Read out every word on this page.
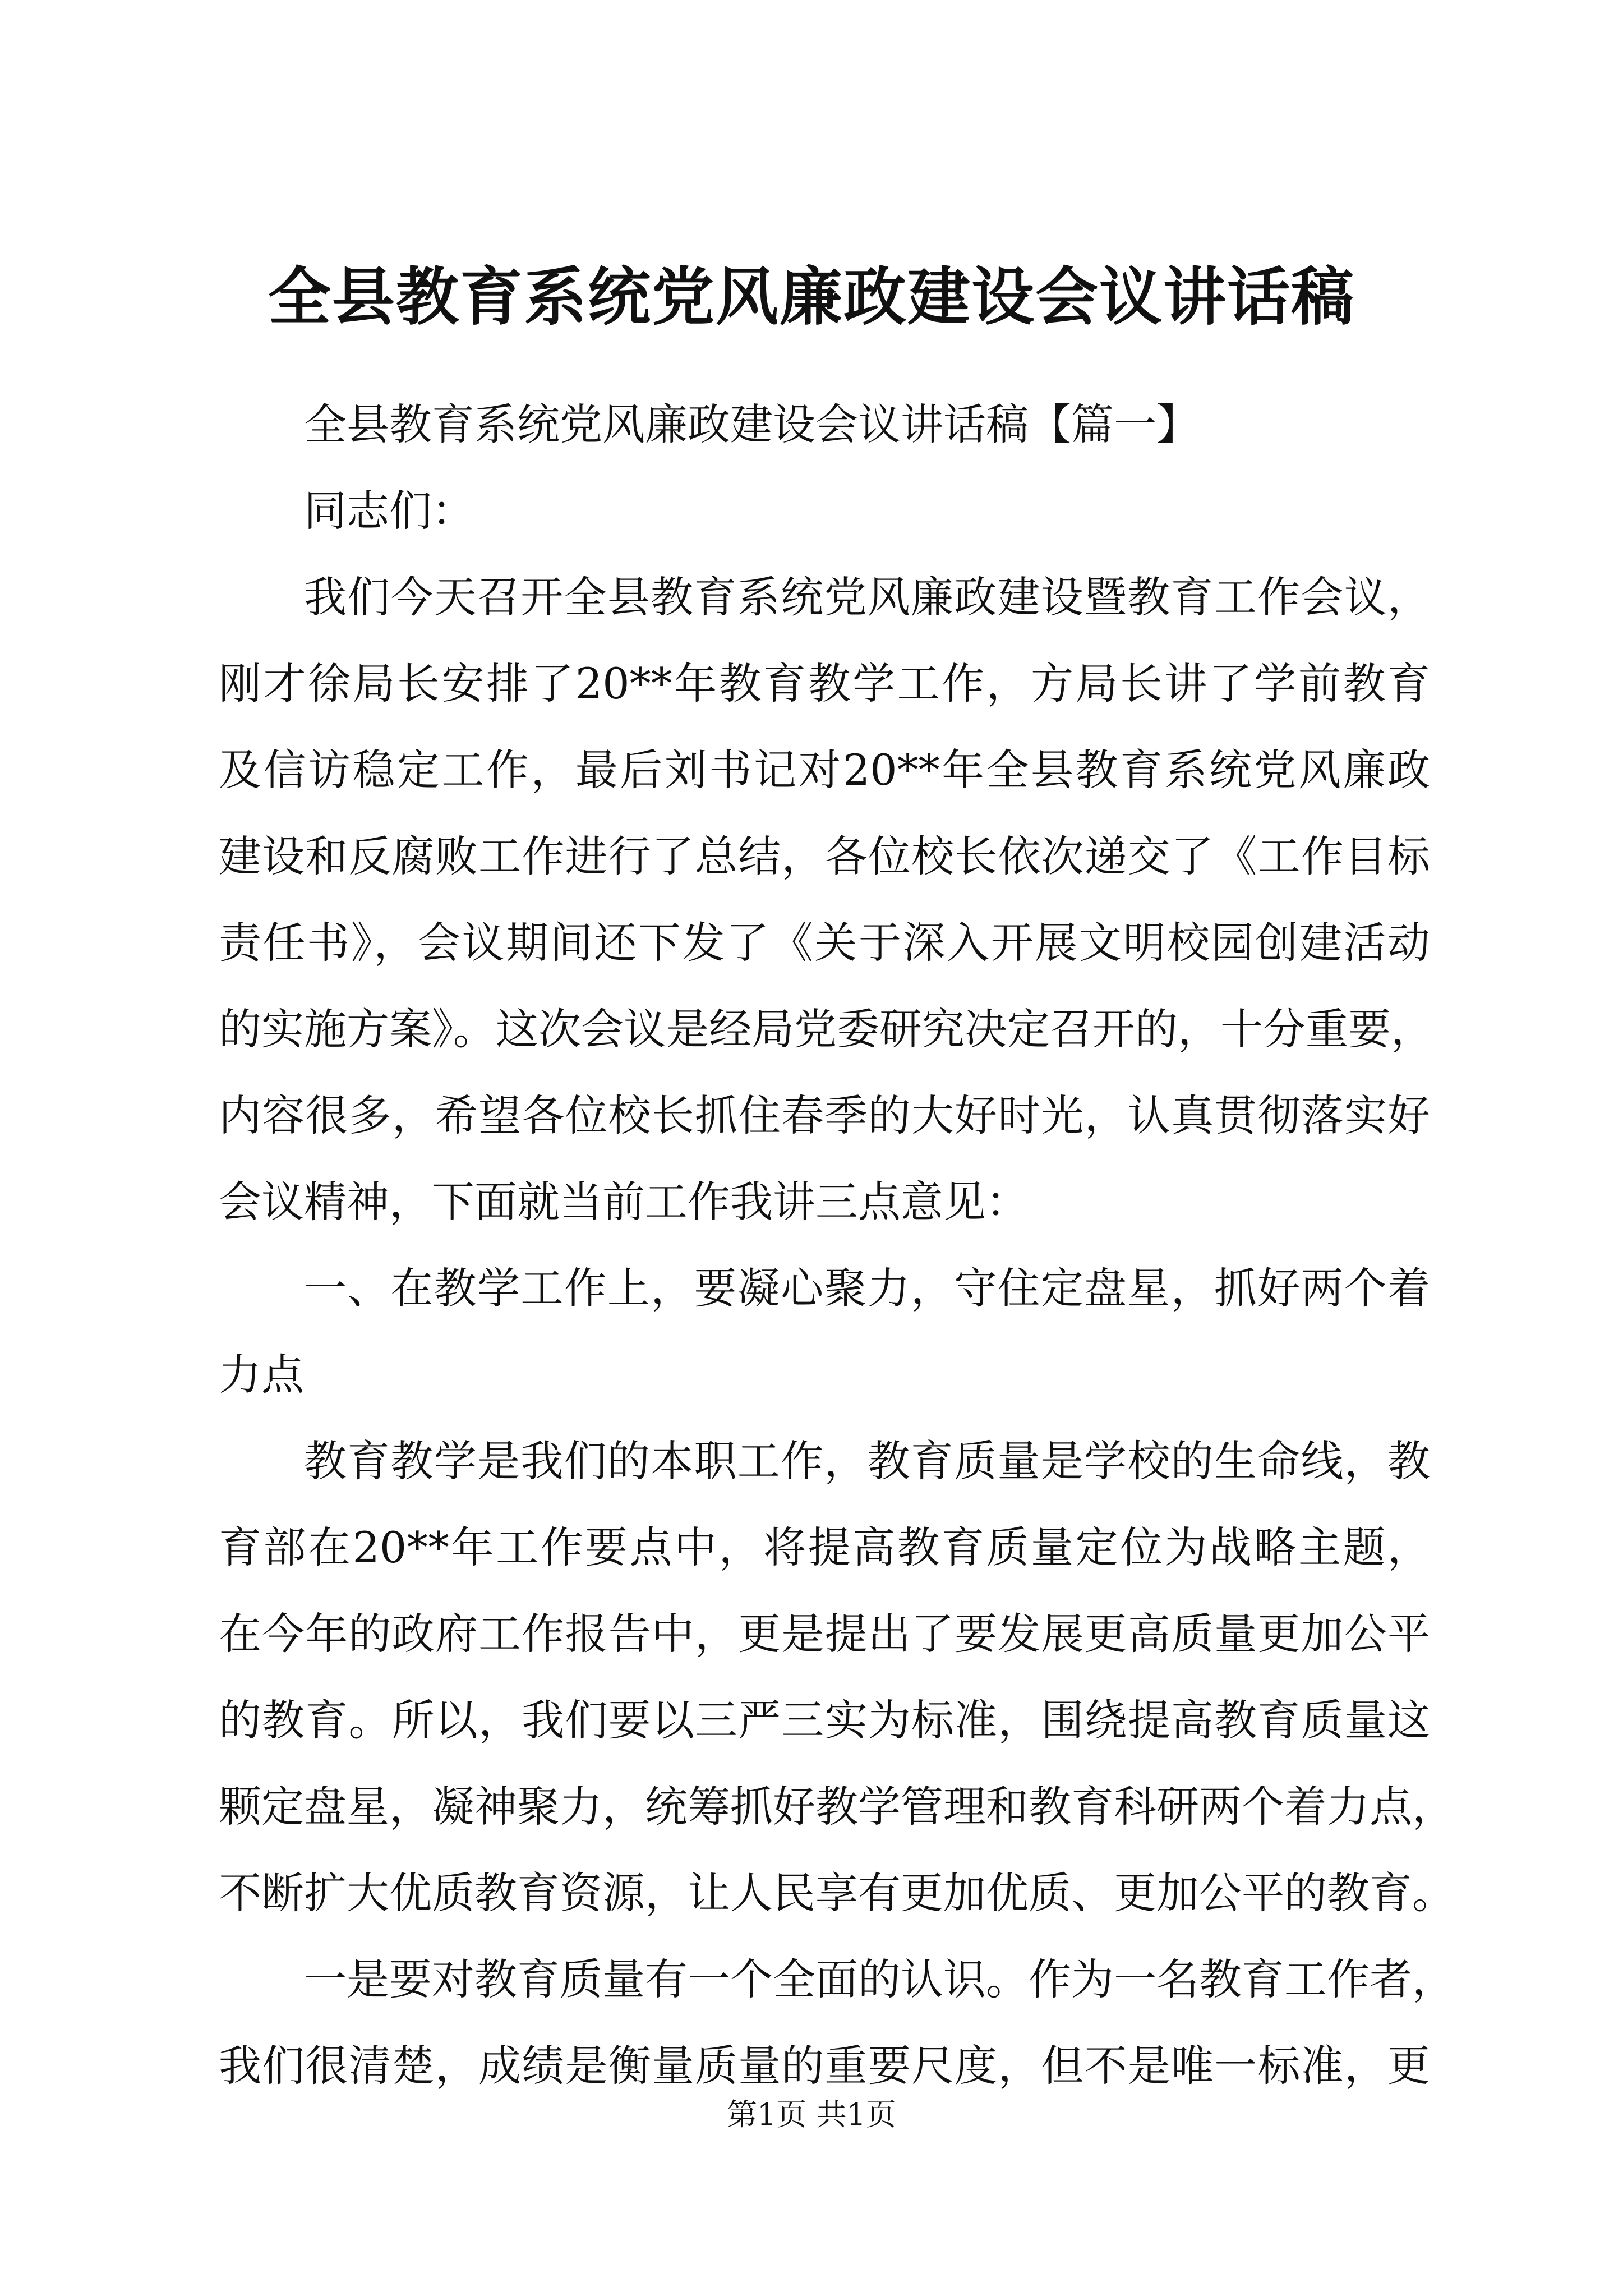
全县教育系统党风廉政建设会议讲话稿
全县教育系统党风廉政建设会议讲话稿【篇一】
同志们：
我们今天召开全县教育系统党风廉政建设暨教育工作会议，
刚才徐局长安排了20**年教育教学工作，方局长讲了学前教育
及信访稳定工作，最后刘书记对20**年全县教育系统党风廉政
建设和反腐败工作进行了总结，各位校长依次递交了《工作目标
责任书》，会议期间还下发了《关于深入开展文明校园创建活动
的实施方案》。这次会议是经局党委研究决定召开的，十分重要，
内容很多，希望各位校长抓住春季的大好时光，认真贯彻落实好
会议精神，下面就当前工作我讲三点意见：
一、在教学工作上，要凝心聚力，守住定盘星，抓好两个着
力点
教育教学是我们的本职工作，教育质量是学校的生命线，教
育部在20**年工作要点中，将提高教育质量定位为战略主题，
在今年的政府工作报告中，更是提出了要发展更高质量更加公平
的教育。所以，我们要以三严三实为标准，围绕提高教育质量这
颗定盘星，凝神聚力，统筹抓好教学管理和教育科研两个着力点，
不断扩大优质教育资源，让人民享有更加优质、更加公平的教育。
一是要对教育质量有一个全面的认识。作为一名教育工作者，
我们很清楚，成绩是衡量质量的重要尺度，但不是唯一标准，更
第1页 共1页
